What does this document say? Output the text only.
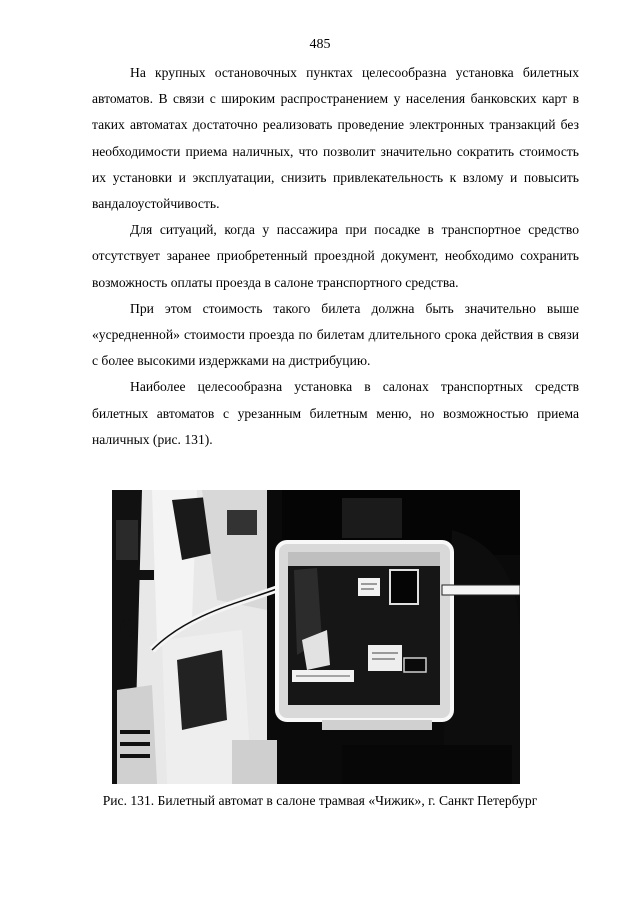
485

На крупных остановочных пунктах целесообразна установка билетных автоматов. В связи с широким распространением у населения банковских карт в таких автоматах достаточно реализовать проведение электронных транзакций без необходимости приема наличных, что позволит значительно сократить стоимость их установки и эксплуатации, снизить привлекательность к взлому и повысить вандалоустойчивость.

Для ситуаций, когда у пассажира при посадке в транспортное средство отсутствует заранее приобретенный проездной документ, необходимо сохранить возможность оплаты проезда в салоне транспортного средства.

При этом стоимость такого билета должна быть значительно выше «усредненной» стоимости проезда по билетам длительного срока действия в связи с более высокими издержками на дистрибуцию.

Наиболее целесообразна установка в салонах транспортных средств билетных автоматов с урезанным билетным меню, но возможностью приема наличных (рис. 131).

Рис. 131. Билетный автомат в салоне трамвая «Чижик», г. Санкт Петербург
